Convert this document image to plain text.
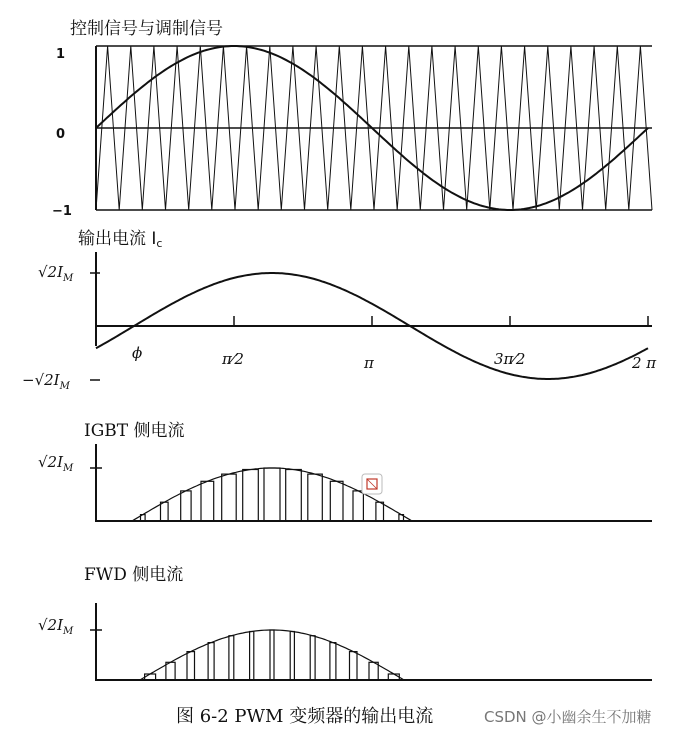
控制信号与调制信号
1
0
−1
输出电流 Ic
$√2I_M$
$-√2I_M$
ϕ	π⁄2	π	3π⁄2	2 π
IGBT 侧电流
$√2I_M$
FWD 侧电流
$√2I_M$
图 6-2 PWM 变频器的输出电流	CSDN @小幽余生不加糖
